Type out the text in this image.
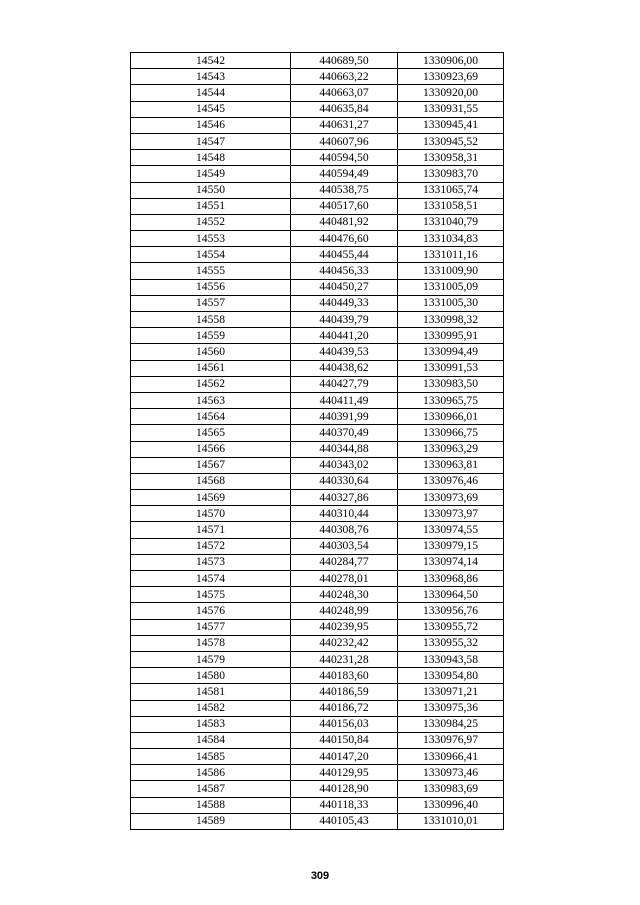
14542	440689,50	1330906,00
14543	440663,22	1330923,69
14544	440663,07	1330920,00
14545	440635,84	1330931,55
14546	440631,27	1330945,41
14547	440607,96	1330945,52
14548	440594,50	1330958,31
14549	440594,49	1330983,70
14550	440538,75	1331065,74
14551	440517,60	1331058,51
14552	440481,92	1331040,79
14553	440476,60	1331034,83
14554	440455,44	1331011,16
14555	440456,33	1331009,90
14556	440450,27	1331005,09
14557	440449,33	1331005,30
14558	440439,79	1330998,32
14559	440441,20	1330995,91
14560	440439,53	1330994,49
14561	440438,62	1330991,53
14562	440427,79	1330983,50
14563	440411,49	1330965,75
14564	440391,99	1330966,01
14565	440370,49	1330966,75
14566	440344,88	1330963,29
14567	440343,02	1330963,81
14568	440330,64	1330976,46
14569	440327,86	1330973,69
14570	440310,44	1330973,97
14571	440308,76	1330974,55
14572	440303,54	1330979,15
14573	440284,77	1330974,14
14574	440278,01	1330968,86
14575	440248,30	1330964,50
14576	440248,99	1330956,76
14577	440239,95	1330955,72
14578	440232,42	1330955,32
14579	440231,28	1330943,58
14580	440183,60	1330954,80
14581	440186,59	1330971,21
14582	440186,72	1330975,36
14583	440156,03	1330984,25
14584	440150,84	1330976,97
14585	440147,20	1330966,41
14586	440129,95	1330973,46
14587	440128,90	1330983,69
14588	440118,33	1330996,40
14589	440105,43	1331010,01
309
